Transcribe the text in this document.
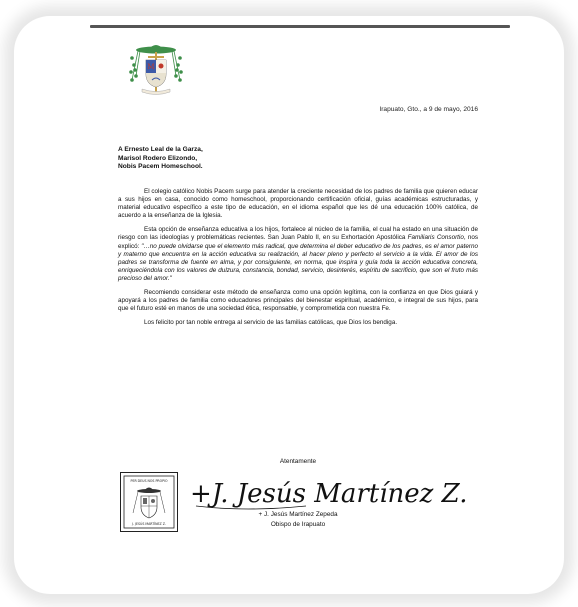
M
Irapuato, Gto., a 9 de mayo, 2016
A Ernesto Leal de la Garza,
Marisol Rodero Elizondo,
Nobis Pacem Homeschool.

El colegio católico Nobis Pacem surge para atender la creciente necesidad de los padres de familia que quieren educar a sus hijos en casa, conocido como homeschool, proporcionando certificación oficial, guías académicas estructuradas, y material educativo específico a este tipo de educación, en el idioma español que les dé una educación 100% católica, de acuerdo a la enseñanza de la Iglesia.

Esta opción de enseñanza educativa a los hijos, fortalece al núcleo de la familia, el cual ha estado en una situación de riesgo con las ideologías y problemáticas recientes. San Juan Pablo II, en su Exhortación Apostólica Familiaris Consortio, nos explicó: "…no puede olvidarse que el elemento más radical, que determina el deber educativo de los padres, es el amor paterno y materno que encuentra en la acción educativa su realización, al hacer pleno y perfecto el servicio a la vida. El amor de los padres se transforma de fuente en alma, y por consiguiente, en norma, que inspira y guía toda la acción educativa concreta, enriqueciéndola con los valores de dulzura, constancia, bondad, servicio, desinterés, espíritu de sacrificio, que son el fruto más precioso del amor."

Recomiendo considerar este método de enseñanza como una opción legítima, con la confianza en que Dios guiará y apoyará a los padres de familia como educadores principales del bienestar espiritual, académico, e integral de sus hijos, para que el futuro esté en manos de una sociedad ética, responsable, y comprometida con nuestra Fe.

Los felicito por tan noble entrega al servicio de las familias católicas, que Dios los bendiga.

Atentamente
PER DEUS NOS PROPIO
J. JESÚS MARTÍNEZ Z.
+J. Jesús Martínez Z.
+ J. Jesús Martínez Zepeda
Obispo de Irapuato
